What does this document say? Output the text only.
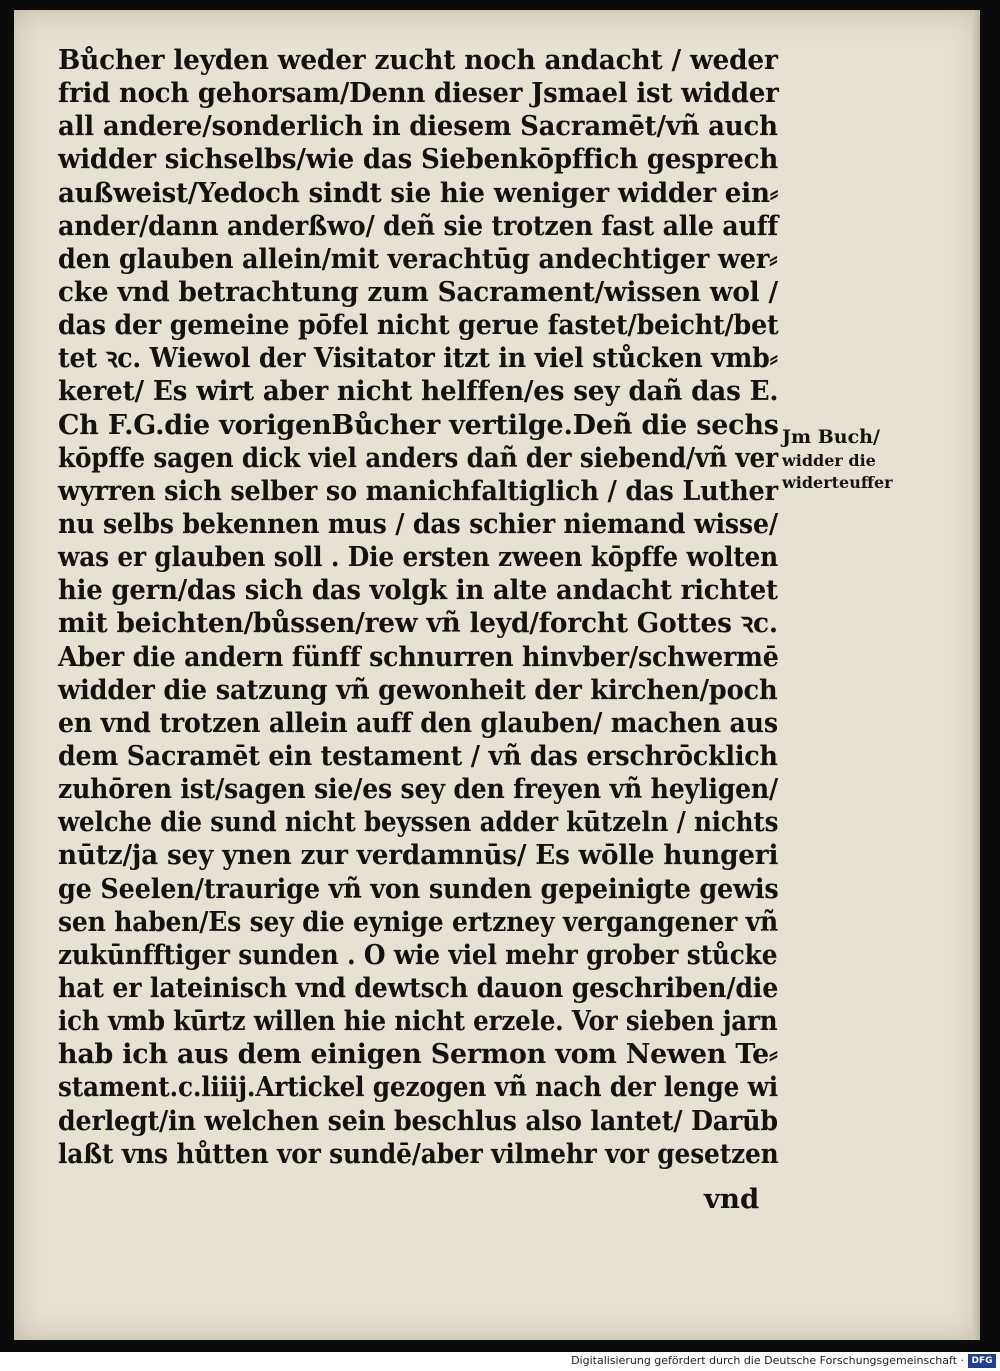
Bůcher leyden weder zucht noch andacht / weder
frid noch gehorsam/Denn dieser Jsmael ist widder
all andere/sonderlich in diesem Sacramēt/vñ auch
widder sichselbs/wie das Siebenkōpffich gesprech
außweist/Yedoch sindt sie hie weniger widder ein⸗
ander/dann anderßwo/ deñ sie trotzen fast alle auff
den glauben allein/mit verachtūg andechtiger wer⸗
cke vnd betrachtung zum Sacrament/wissen wol /
das der gemeine pōfel nicht gerue fastet/beicht/bet
tet ꝛc. Wiewol der Visitator itzt in viel stůcken vmb⸗
keret/ Es wirt aber nicht helffen/es sey dañ das E.
Ch F.G.die vorigenBůcher vertilge.Deñ die sechs
kōpffe sagen dick viel anders dañ der siebend/vñ ver
wyrren sich selber so manichfaltiglich / das Luther
nu selbs bekennen mus / das schier niemand wisse/
was er glauben soll . Die ersten zween kōpffe wolten
hie gern/das sich das volgk in alte andacht richtet
mit beichten/bůssen/rew vñ leyd/forcht Gottes ꝛc.
Aber die andern fünff schnurren hinvber/schwermē
widder die satzung vñ gewonheit der kirchen/poch
en vnd trotzen allein auff den glauben/ machen aus
dem Sacramēt ein testament / vñ das erschrōcklich
zuhōren ist/sagen sie/es sey den freyen vñ heyligen/
welche die sund nicht beyssen adder kūtzeln / nichts
nūtz/ja sey ynen zur verdamnūs/ Es wōlle hungeri
ge Seelen/traurige vñ von sunden gepeinigte gewis
sen haben/Es sey die eynige ertzney vergangener vñ
zukūnfftiger sunden . O wie viel mehr grober stůcke
hat er lateinisch vnd dewtsch dauon geschriben/die
ich vmb kūrtz willen hie nicht erzele. Vor sieben jarn
hab ich aus dem einigen Sermon vom Newen Te⸗
stament.c.liiij.Artickel gezogen vñ nach der lenge wi
derlegt/in welchen sein beschlus also lantet/ Darūb
laßt vns hůtten vor sundē/aber vilmehr vor gesetzen
Jm Buch/
widder die
widerteuffer
vnd
Digitalisierung gefördert durch die Deutsche Forschungsgemeinschaft · DFG
